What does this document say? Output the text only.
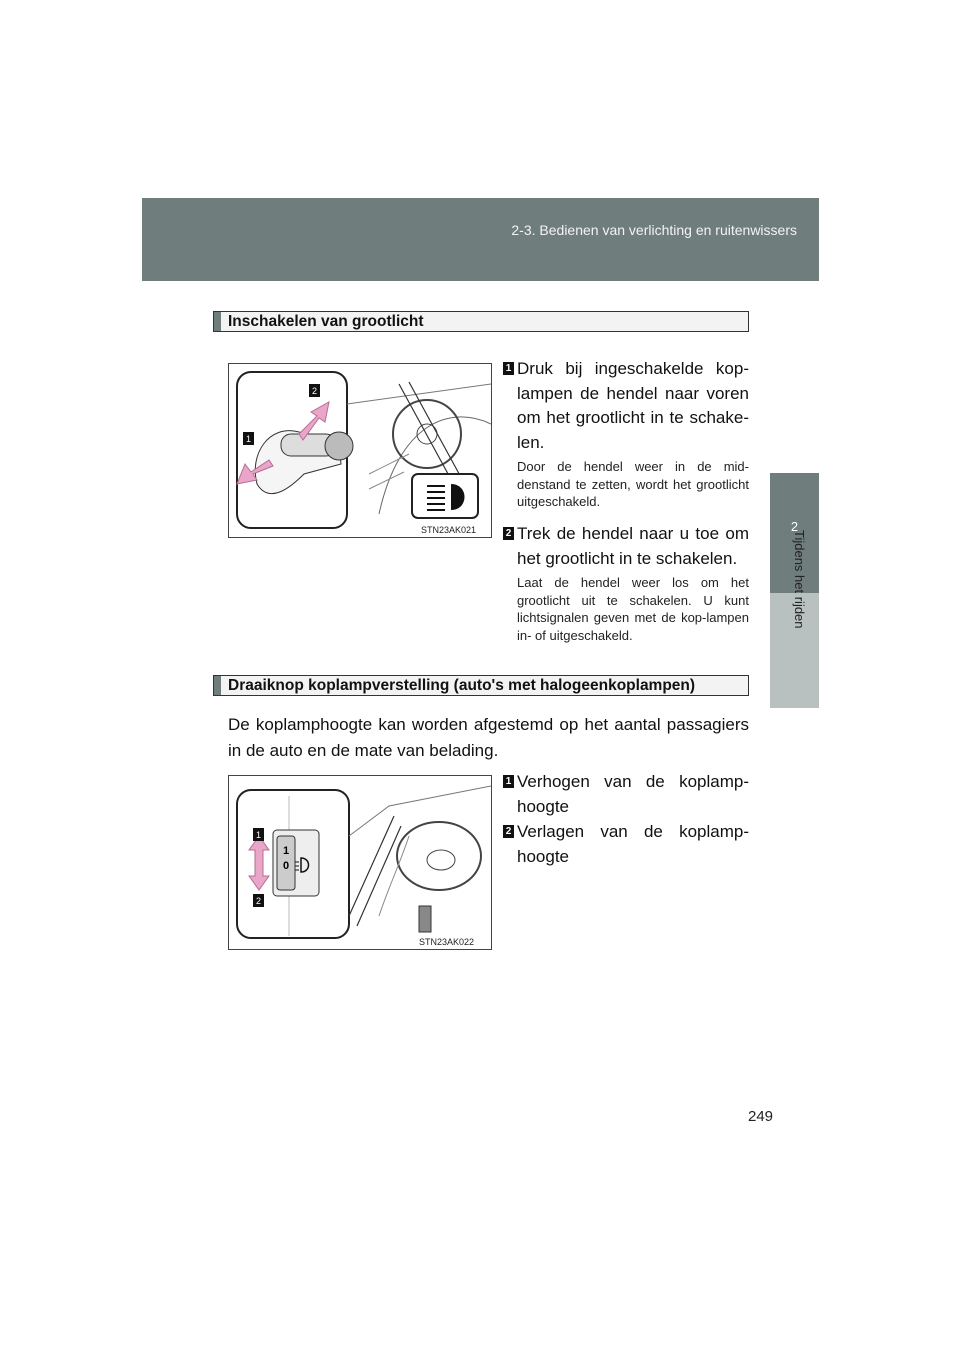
2-3. Bedienen van verlichting en ruitenwissers
2
Tijdens het rijden
Inschakelen van grootlicht
2
1
STN23AK021
1 Druk bij ingeschakelde kop-lampen de hendel naar voren om het grootlicht in te schake-len.
Door de hendel weer in de mid-denstand te zetten, wordt het grootlicht uitgeschakeld.
2 Trek de hendel naar u toe om het grootlicht in te schakelen.
Laat de hendel weer los om het grootlicht uit te schakelen. U kunt lichtsignalen geven met de kop-lampen in- of uitgeschakeld.
Draaiknop koplampverstelling (auto's met halogeenkoplampen)
De koplamphoogte kan worden afgestemd op het aantal passagiers in de auto en de mate van belading.
1
0
1
2
STN23AK022
1 Verhogen van de koplamp-hoogte
2 Verlagen van de koplamp-hoogte
249
